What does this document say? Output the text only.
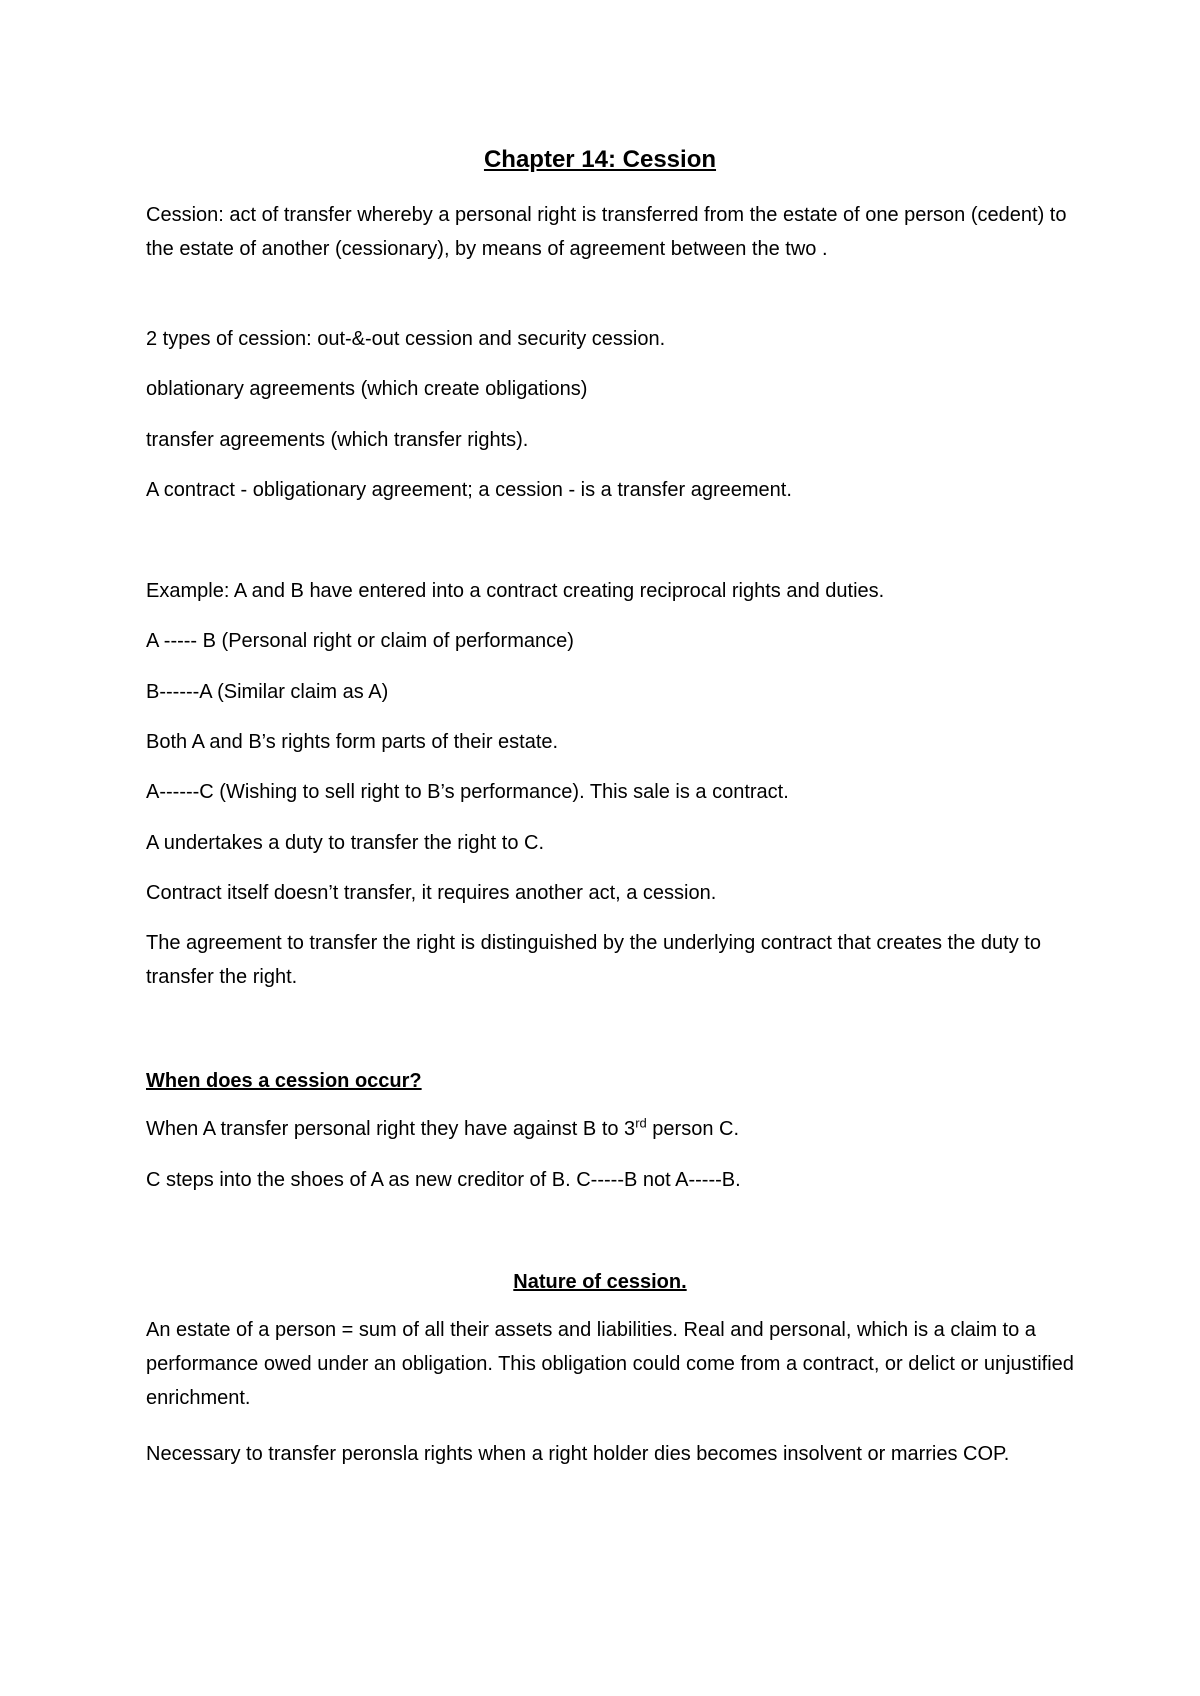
Chapter 14: Cession

Cession: act of transfer whereby a personal right is transferred from the estate of one person (cedent) to the estate of another (cessionary), by means of agreement between the two .

2 types of cession: out-&-out cession and security cession.

oblationary agreements (which create obligations)

transfer agreements (which transfer rights).

A contract - obligationary agreement; a cession - is a transfer agreement.

Example: A and B have entered into a contract creating reciprocal rights and duties.

A ----- B (Personal right or claim of performance)

B------A (Similar claim as A)

Both A and B’s rights form parts of their estate.

A------C (Wishing to sell right to B’s performance). This sale is a contract.

A undertakes a duty to transfer the right to C.

Contract itself doesn’t transfer, it requires another act, a cession.

The agreement to transfer the right is distinguished by the underlying contract that creates the duty to transfer the right.

When does a cession occur?

When A transfer personal right they have against B to 3rd person C.

C steps into the shoes of A as new creditor of B. C-----B not A-----B.

Nature of cession.

An estate of a person = sum of all their assets and liabilities. Real and personal, which is a claim to a performance owed under an obligation. This obligation could come from a contract, or delict or unjustified enrichment.

Necessary to transfer peronsla rights when a right holder dies becomes insolvent or marries COP.
